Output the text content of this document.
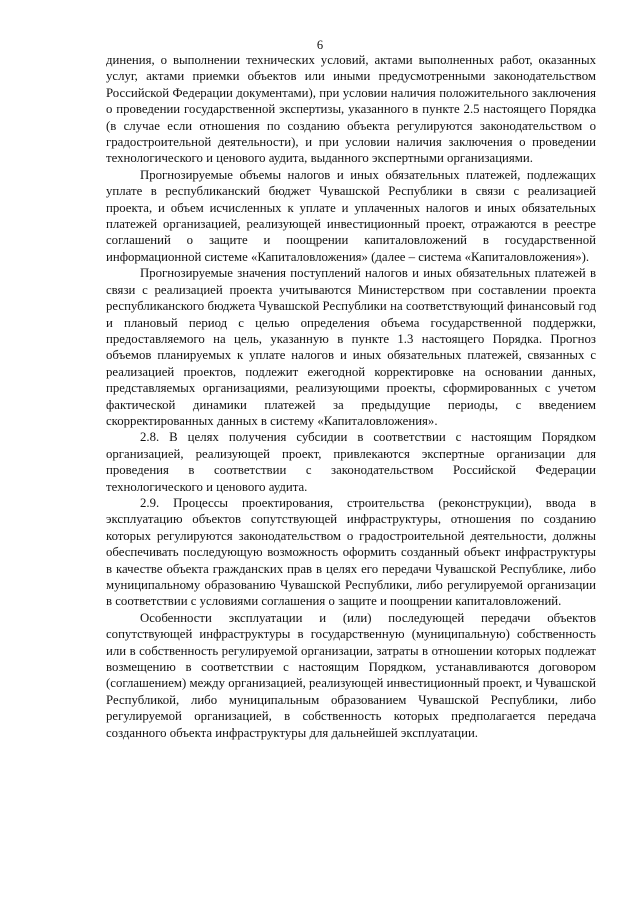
6

динения, о выполнении технических условий, актами выполненных работ, оказанных услуг, актами приемки объектов или иными предусмотренными законодательством Российской Федерации документами), при условии наличия положительного заключения о проведении государственной экспертизы, указанного в пункте 2.5 настоящего Порядка (в случае если отношения по созданию объекта регулируются законодательством о градостроительной деятельности), и при условии наличия заключения о проведении технологического и ценового аудита, выданного экспертными организациями.

Прогнозируемые объемы налогов и иных обязательных платежей, подлежащих уплате в республиканский бюджет Чувашской Республики в связи с реализацией проекта, и объем исчисленных к уплате и уплаченных налогов и иных обязательных платежей организацией, реализующей инвестиционный проект, отражаются в реестре соглашений о защите и поощрении капиталовложений в государственной информационной системе «Капиталовложения» (далее – система «Капиталовложения»).

Прогнозируемые значения поступлений налогов и иных обязательных платежей в связи с реализацией проекта учитываются Министерством при составлении проекта республиканского бюджета Чувашской Республики на соответствующий финансовый год и плановый период с целью определения объема государственной поддержки, предоставляемого на цель, указанную в пункте 1.3 настоящего Порядка. Прогноз объемов планируемых к уплате налогов и иных обязательных платежей, связанных с реализацией проектов, подлежит ежегодной корректировке на основании данных, представляемых организациями, реализующими проекты, сформированных с учетом фактической динамики платежей за предыдущие периоды, с введением скорректированных данных в систему «Капиталовложения».

2.8. В целях получения субсидии в соответствии с настоящим Порядком организацией, реализующей проект, привлекаются экспертные организации для проведения в соответствии с законодательством Российской Федерации технологического и ценового аудита.

2.9. Процессы проектирования, строительства (реконструкции), ввода в эксплуатацию объектов сопутствующей инфраструктуры, отношения по созданию которых регулируются законодательством о градостроительной деятельности, должны обеспечивать последующую возможность оформить созданный объект инфраструктуры в качестве объекта гражданских прав в целях его передачи Чувашской Республике, либо муниципальному образованию Чувашской Республики, либо регулируемой организации в соответствии с условиями соглашения о защите и поощрении капиталовложений.

Особенности эксплуатации и (или) последующей передачи объектов сопутствующей инфраструктуры в государственную (муниципальную) собственность или в собственность регулируемой организации, затраты в отношении которых подлежат возмещению в соответствии с настоящим Порядком, устанавливаются договором (соглашением) между организацией, реализующей инвестиционный проект, и Чувашской Республикой, либо муниципальным образованием Чувашской Республики, либо регулируемой организацией, в собственность которых предполагается передача созданного объекта инфраструктуры для дальнейшей эксплуатации.
